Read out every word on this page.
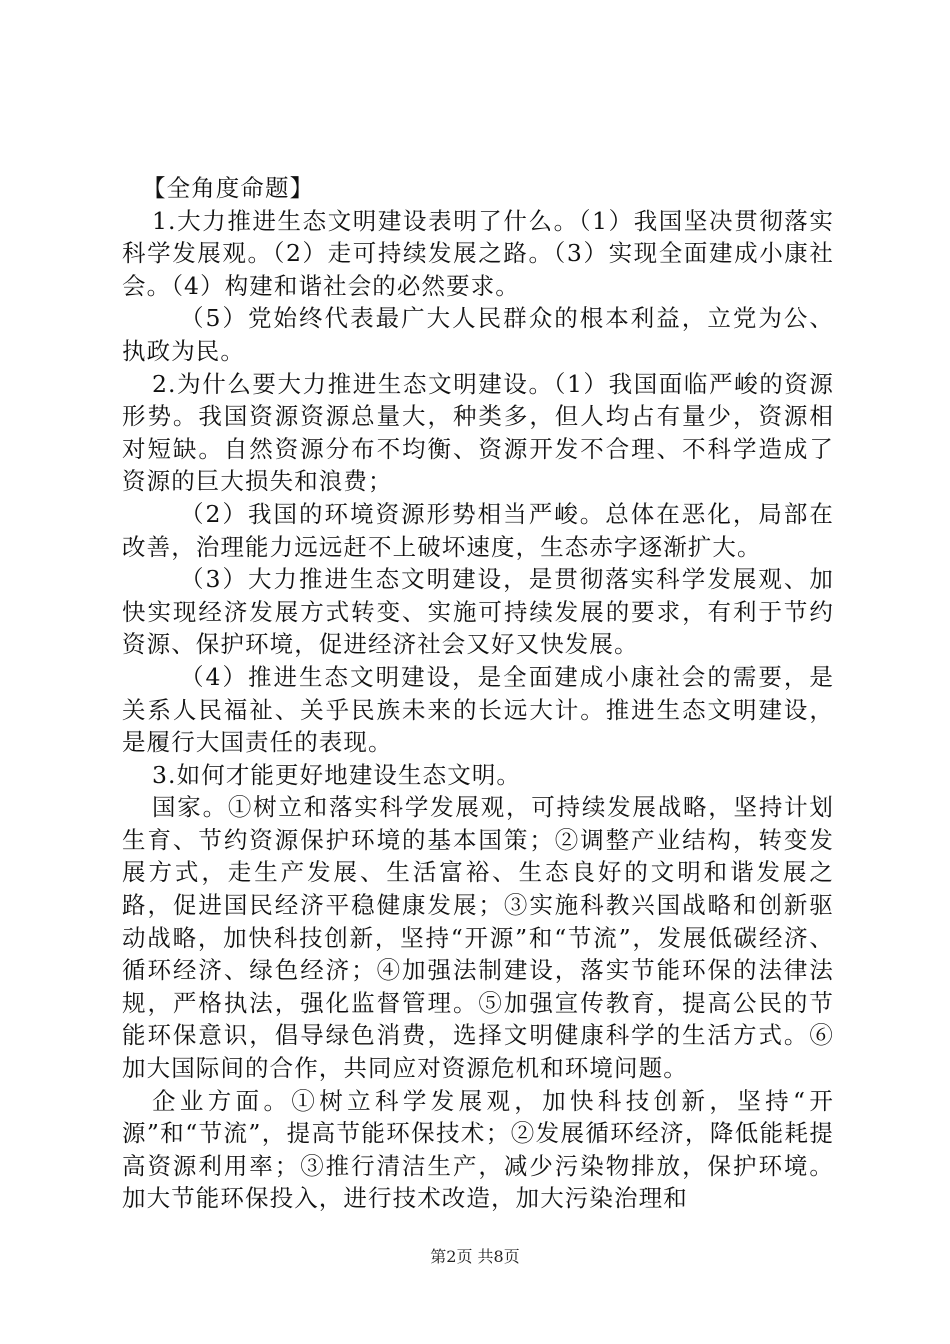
【全角度命题】

1.大力推进生态文明建设表明了什么。（1）我国坚决贯彻落实科学发展观。（2）走可持续发展之路。（3）实现全面建成小康社会。（4）构建和谐社会的必然要求。

（5）党始终代表最广大人民群众的根本利益，立党为公、执政为民。

2.为什么要大力推进生态文明建设。（1）我国面临严峻的资源形势。我国资源资源总量大，种类多，但人均占有量少，资源相对短缺。自然资源分布不均衡、资源开发不合理、不科学造成了资源的巨大损失和浪费；

（2）我国的环境资源形势相当严峻。总体在恶化，局部在改善，治理能力远远赶不上破坏速度，生态赤字逐渐扩大。

（3）大力推进生态文明建设，是贯彻落实科学发展观、加快实现经济发展方式转变、实施可持续发展的要求，有利于节约资源、保护环境，促进经济社会又好又快发展。

（4）推进生态文明建设，是全面建成小康社会的需要，是关系人民福祉、关乎民族未来的长远大计。推进生态文明建设，是履行大国责任的表现。

3.如何才能更好地建设生态文明。

国家。①树立和落实科学发展观，可持续发展战略，坚持计划生育、节约资源保护环境的基本国策；②调整产业结构，转变发展方式，走生产发展、生活富裕、生态良好的文明和谐发展之路，促进国民经济平稳健康发展；③实施科教兴国战略和创新驱动战略，加快科技创新，坚持“开源”和“节流”，发展低碳经济、循环经济、绿色经济；④加强法制建设，落实节能环保的法律法规，严格执法，强化监督管理。⑤加强宣传教育，提高公民的节能环保意识，倡导绿色消费，选择文明健康科学的生活方式。⑥加大国际间的合作，共同应对资源危机和环境问题。

企业方面。①树立科学发展观，加快科技创新，坚持“开源”和“节流”，提高节能环保技术；②发展循环经济，降低能耗提高资源利用率；③推行清洁生产，减少污染物排放，保护环境。加大节能环保投入，进行技术改造，加大污染治理和

第2页 共8页
